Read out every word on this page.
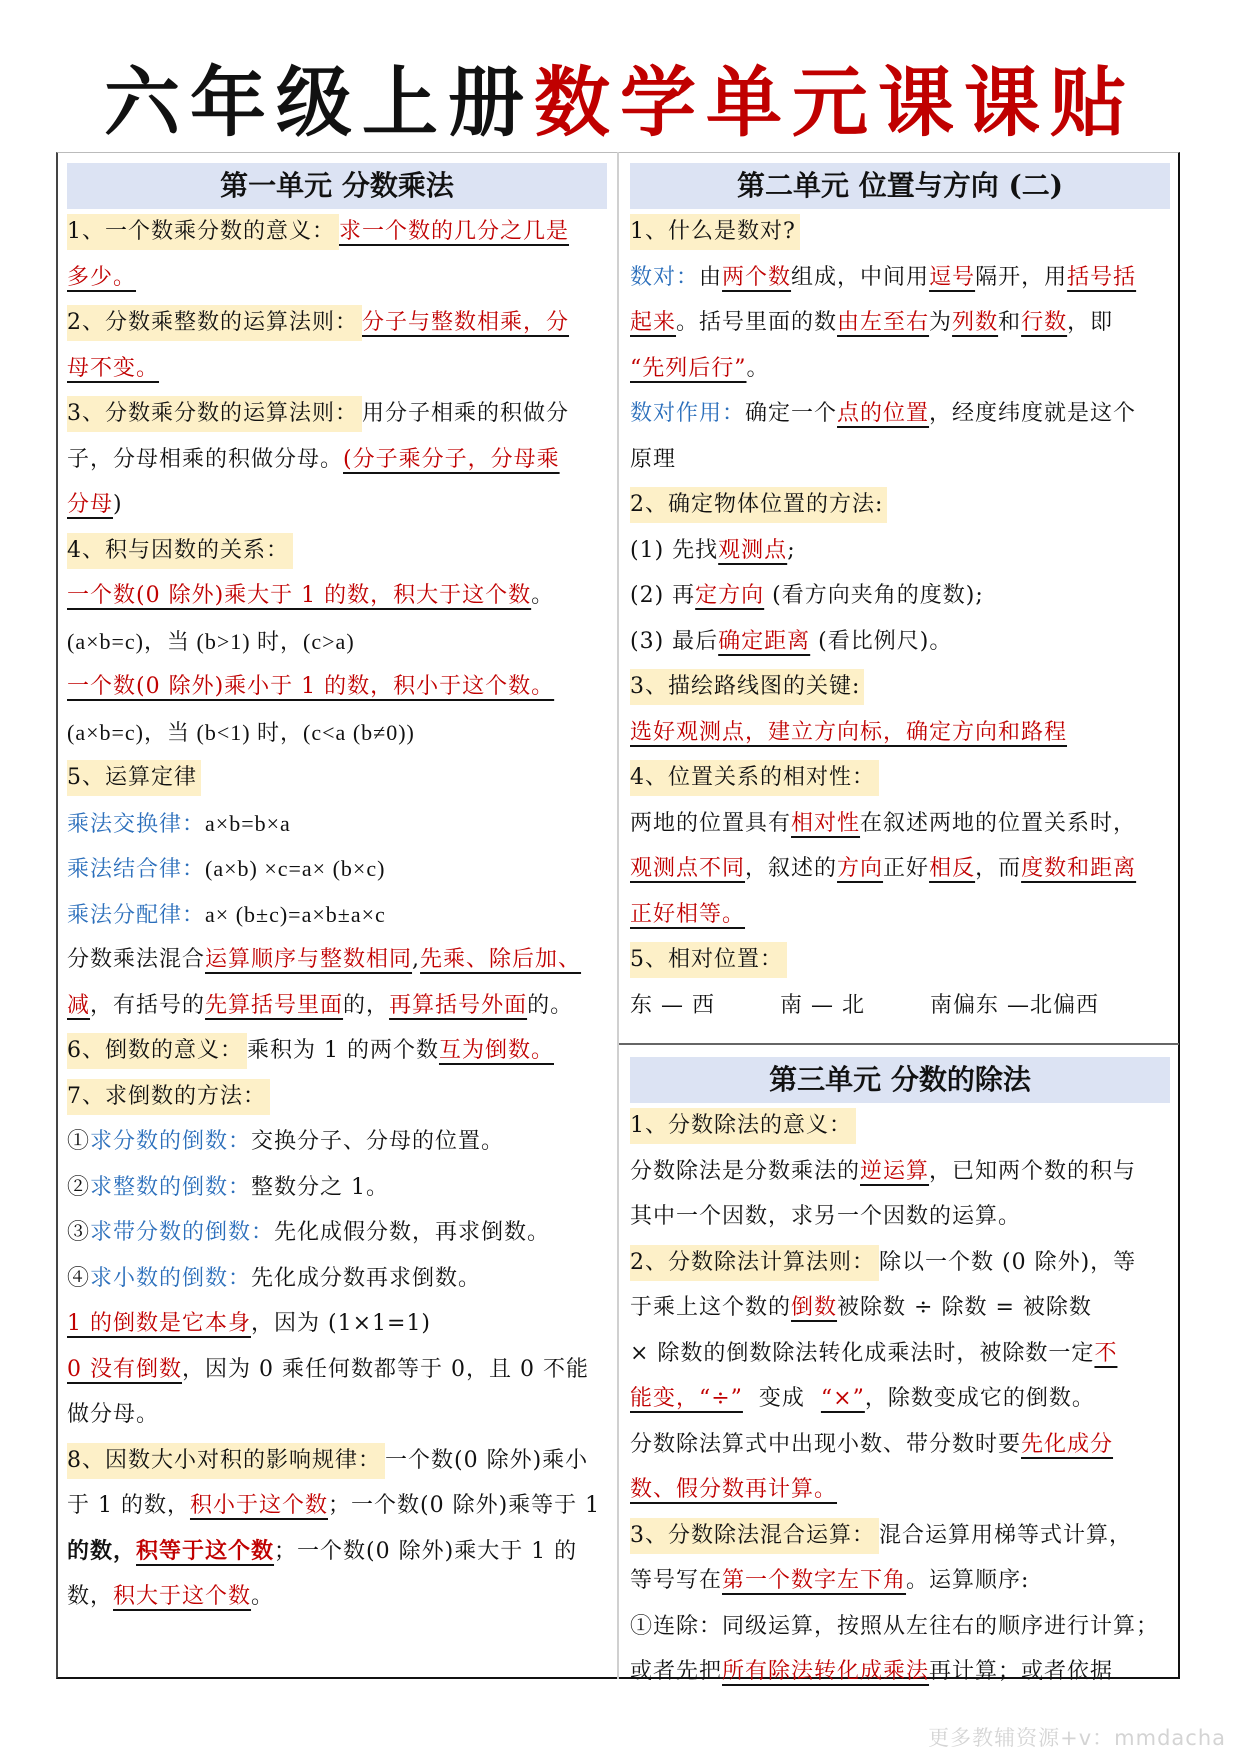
六年级上册数学单元课课贴
第一单元 分数乘法
1、一个数乘分数的意义： 求一个数的几分之几是
多少。
2、分数乘整数的运算法则： 分子与整数相乘，分
母不变。
3、分数乘分数的运算法则： 用分子相乘的积做分
子，分母相乘的积做分母。(分子乘分子，分母乘
分母)
4、积与因数的关系：
一个数(0 除外)乘大于 1 的数，积大于这个数。
(a×b=c)，当 (b>1) 时，(c>a)
一个数(0 除外)乘小于 1 的数，积小于这个数。
(a×b=c)，当 (b<1) 时，(c<a (b≠0))
5、运算定律
乘法交换律：a×b=b×a
乘法结合律：(a×b) ×c=a× (b×c)
乘法分配律：a× (b±c)=a×b±a×c
分数乘法混合运算顺序与整数相同,先乘、除后加、
减，有括号的先算括号里面的，再算括号外面的。
6、倒数的意义： 乘积为 1 的两个数互为倒数。
7、求倒数的方法：
①求分数的倒数：交换分子、分母的位置。
②求整数的倒数：整数分之 1。
③求带分数的倒数：先化成假分数，再求倒数。
④求小数的倒数：先化成分数再求倒数。
1 的倒数是它本身，因为 (1×1=1)
0 没有倒数，因为 0 乘任何数都等于 0，且 0 不能
做分母。
8、因数大小对积的影响规律： 一个数(0 除外)乘小
于 1 的数，积小于这个数；一个数(0 除外)乘等于 1
的数，积等于这个数；一个数(0 除外)乘大于 1 的
数，积大于这个数。
第二单元 位置与方向 (二)
1、什么是数对?
数对：由两个数组成，中间用逗号隔开，用括号括
起来。括号里面的数由左至右为列数和行数，即
“先列后行”。
数对作用：确定一个点的位置，经度纬度就是这个
原理
2、确定物体位置的方法:
(1) 先找观测点;
(2) 再定方向 (看方向夹角的度数);
(3) 最后确定距离 (看比例尺)。
3、描绘路线图的关键:
选好观测点，建立方向标，确定方向和路程
4、位置关系的相对性：
两地的位置具有相对性在叙述两地的位置关系时，
观测点不同，叙述的方向正好相反，而度数和距离
正好相等。
5、相对位置：
东 — 西	南 — 北	南偏东 —北偏西
第三单元 分数的除法
1、分数除法的意义：
分数除法是分数乘法的逆运算，已知两个数的积与
其中一个因数，求另一个因数的运算。
2、分数除法计算法则： 除以一个数 (0 除外)，等
于乘上这个数的倒数被除数 ÷ 除数 = 被除数
× 除数的倒数除法转化成乘法时，被除数一定不
能变，“÷”  变成  “×”，除数变成它的倒数。
分数除法算式中出现小数、带分数时要先化成分
数、假分数再计算。
3、分数除法混合运算： 混合运算用梯等式计算，
等号写在第一个数字左下角。运算顺序:
①连除：同级运算，按照从左往右的顺序进行计算；
或者先把所有除法转化成乘法再计算；或者依据
更多教辅资源+v：mmdacha
